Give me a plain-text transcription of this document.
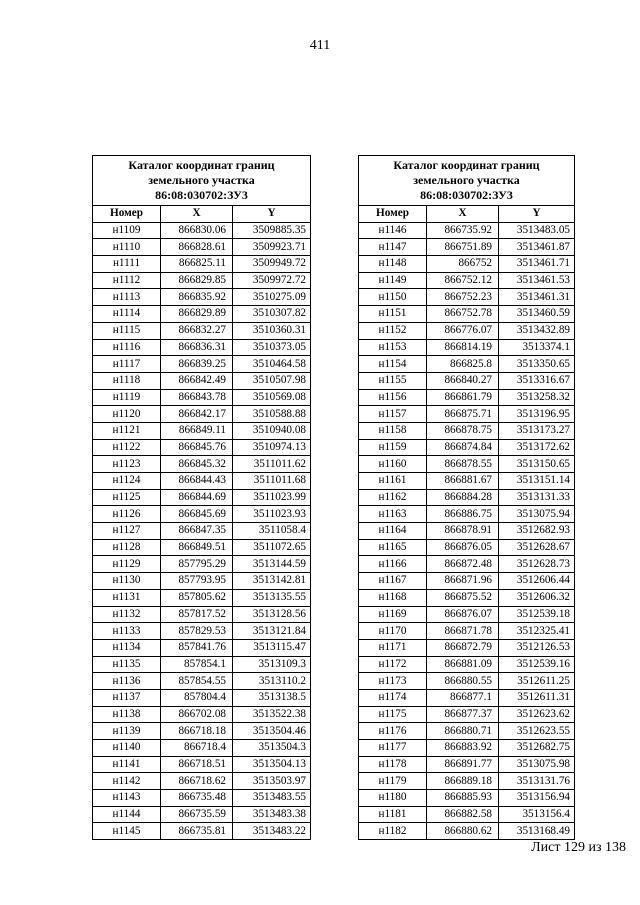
411
Каталог координат границ
земельного участка
86:08:030702:ЗУ3		

Номер	X	Y
н1109	866830.06	3509885.35
н1110	866828.61	3509923.71
н1111	866825.11	3509949.72
н1112	866829.85	3509972.72
н1113	866835.92	3510275.09
н1114	866829.89	3510307.82
н1115	866832.27	3510360.31
н1116	866836.31	3510373.05
н1117	866839.25	3510464.58
н1118	866842.49	3510507.98
н1119	866843.78	3510569.08
н1120	866842.17	3510588.88
н1121	866849.11	3510940.08
н1122	866845.76	3510974.13
н1123	866845.32	3511011.62
н1124	866844.43	3511011.68
н1125	866844.69	3511023.99
н1126	866845.69	3511023.93
н1127	866847.35	3511058.4
н1128	866849.51	3511072.65
н1129	857795.29	3513144.59
н1130	857793.95	3513142.81
н1131	857805.62	3513135.55
н1132	857817.52	3513128.56
н1133	857829.53	3513121.84
н1134	857841.76	3513115.47
н1135	857854.1	3513109.3
н1136	857854.55	3513110.2
н1137	857804.4	3513138.5
н1138	866702.08	3513522.38
н1139	866718.18	3513504.46
н1140	866718.4	3513504.3
н1141	866718.51	3513504.13
н1142	866718.62	3513503.97
н1143	866735.48	3513483.55
н1144	866735.59	3513483.38
н1145	866735.81	3513483.22
Каталог координат границ
земельного участка
86:08:030702:ЗУ3		

Номер	X	Y
н1146	866735.92	3513483.05
н1147	866751.89	3513461.87
н1148	866752	3513461.71
н1149	866752.12	3513461.53
н1150	866752.23	3513461.31
н1151	866752.78	3513460.59
н1152	866776.07	3513432.89
н1153	866814.19	3513374.1
н1154	866825.8	3513350.65
н1155	866840.27	3513316.67
н1156	866861.79	3513258.32
н1157	866875.71	3513196.95
н1158	866878.75	3513173.27
н1159	866874.84	3513172.62
н1160	866878.55	3513150.65
н1161	866881.67	3513151.14
н1162	866884.28	3513131.33
н1163	866886.75	3513075.94
н1164	866878.91	3512682.93
н1165	866876.05	3512628.67
н1166	866872.48	3512628.73
н1167	866871.96	3512606.44
н1168	866875.52	3512606.32
н1169	866876.07	3512539.18
н1170	866871.78	3512325.41
н1171	866872.79	3512126.53
н1172	866881.09	3512539.16
н1173	866880.55	3512611.25
н1174	866877.1	3512611.31
н1175	866877.37	3512623.62
н1176	866880.71	3512623.55
н1177	866883.92	3512682.75
н1178	866891.77	3513075.98
н1179	866889.18	3513131.76
н1180	866885.93	3513156.94
н1181	866882.58	3513156.4
н1182	866880.62	3513168.49
Лист 129 из 138
